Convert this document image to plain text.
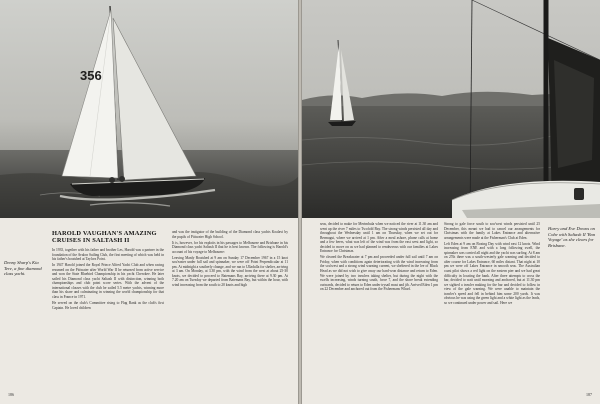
356
Denny Sharp's Kia Tere, a fine diamond class yacht.
HAROLD VAUGHAN'S AMAZING CRUISES IN SALTASH II

In 1935, together with his father and brother Les, Harold was a partner in the foundation of the Avalon Sailing Club, the first meeting of which was held in his father's boatshed at Taylors Point.

In 1947 Harold joined the Royal Prince Alfred Yacht Club and when racing resumed on the Pittwater after World War II he returned from active service and won the State Bluebird Championship in his yacht Cherokee. He later sailed his Diamond class yacht Saltash II with distinction, winning both championships and club point score series. With the advent of the international classes with the club he sailed 5.5 metre yachts, winning more than his share and culminating in winning the world championship for that class in France in 1971.

He served on the club's Committee rising to Flag Rank as the club's first Captain. He loved children

and was the instigator of the building of the Diamond class yachts Koalavi by the pupils of Pittwater High School.

It is, however, for his exploits in his passages to Melbourne and Brisbane in his Diamond class yacht Saltash II that he is best known. The following is Harold's account of his voyage to Melbourne:

Leaving Manly Boatshed at 9 am on Sunday 17 December 1967 in a 15 knot sou'easter under full sail and spinnaker, we were off Point Perpendicular at 11 pm. At midnight a southerly change, and we ran to Ulladulla for shelter, arriving at 3 am. On Monday, at 3.30 pm, with the wind from the west at about 25-30 knots, we decided to proceed to Batemans Bay, arriving there at 9.30 pm. At 7.20 am on Tuesday we departed from Batemans Bay, but within the hour, with wind increasing from the south to 20 knots and high

186

seas, decided to make for Merimbula when we noticed the river at 11.30 am and went up the river 7 miles to Twofold Bay. The strong winds persisted all day and throughout the Wednesday until 1 am on Thursday, when we set out for Bermagui, where we arrived at 1 pm. After a meal ashore, phone calls at home and a few beers, what was left of the wind was from the east west and light, so decided to move on as we had planned to rendezvous with our families at Lakes Entrance for Christmas.

We cleared the Breakwater at 7 pm and proceeded under full sail until 7 am on Friday, when with conditions again deteriorating with the wind increasing from the sou'west and a strong wind warning current, we sheltered in the lee of Black Head as we did not wish to give away our hard-won distance and return to Eden. We were joined by two trawlers taking shelter, but during the night with the swells increasing, winds turning south, force 7, and the shore break extending outwards, decided to return to Eden under trysail mast and jib. Arrived Eden 1 pm on 22 December and anchored out from the Fishermans Wharf.

Strong to gale force south to sou'west winds persisted until 25 December, this meant we had to cancel our arrangements for Christmas with the family at Lakes Entrance and alternative arrangements were made at the Fisherman's Club at Eden.

Left Eden at 9 am on Boxing Day with wind east 12 knots. Wind increasing from ENE and with a long following swell, the spinnaker was carried all night and the yacht was surfing. At 8 am on 27th there was a south-westerly gale warning and decided to alter course for Lakes Entrance, 60 miles distant. That night at 10 pm we were off Lakes Entrance in smooth seas. The Australian coast pilot shows a red light on the eastern pier and we had great difficulty in locating the bank. After three attempts to cross the bar, decided to wait until morning and anchored, but at 11.30 pm we sighted a trawler making for the bar and decided to follow in view of the gale warning. We were unable to maintain the trawler's speed and fell in behind him some 200 yards. It was obvious he was using the green light and a white light as the leads, so we continued under power and sail. Here we

Harry and Eve Downs on Cobe with Saltash II 'Bon Voyage' as she clears for Brisbane.
187
